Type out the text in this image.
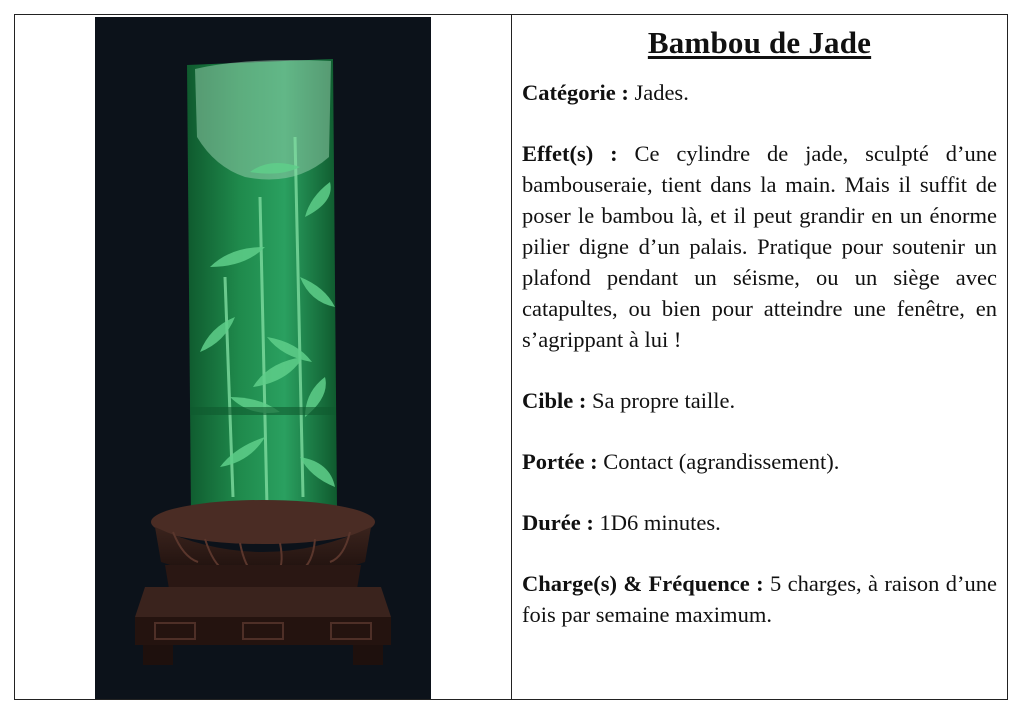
Bambou de Jade

Catégorie : Jades.

Effet(s) : Ce cylindre de jade, sculpté d’une bambouseraie, tient dans la main. Mais il suffit de poser le bambou là, et il peut grandir en un énorme pilier digne d’un palais. Pratique pour soutenir un plafond pendant un séisme, ou un siège avec catapultes, ou bien pour atteindre une fenêtre, en s’agrippant à lui !

Cible : Sa propre taille.

Portée : Contact (agrandissement).

Durée : 1D6 minutes.

Charge(s) & Fréquence : 5 charges, à raison d’une fois par semaine maximum.
